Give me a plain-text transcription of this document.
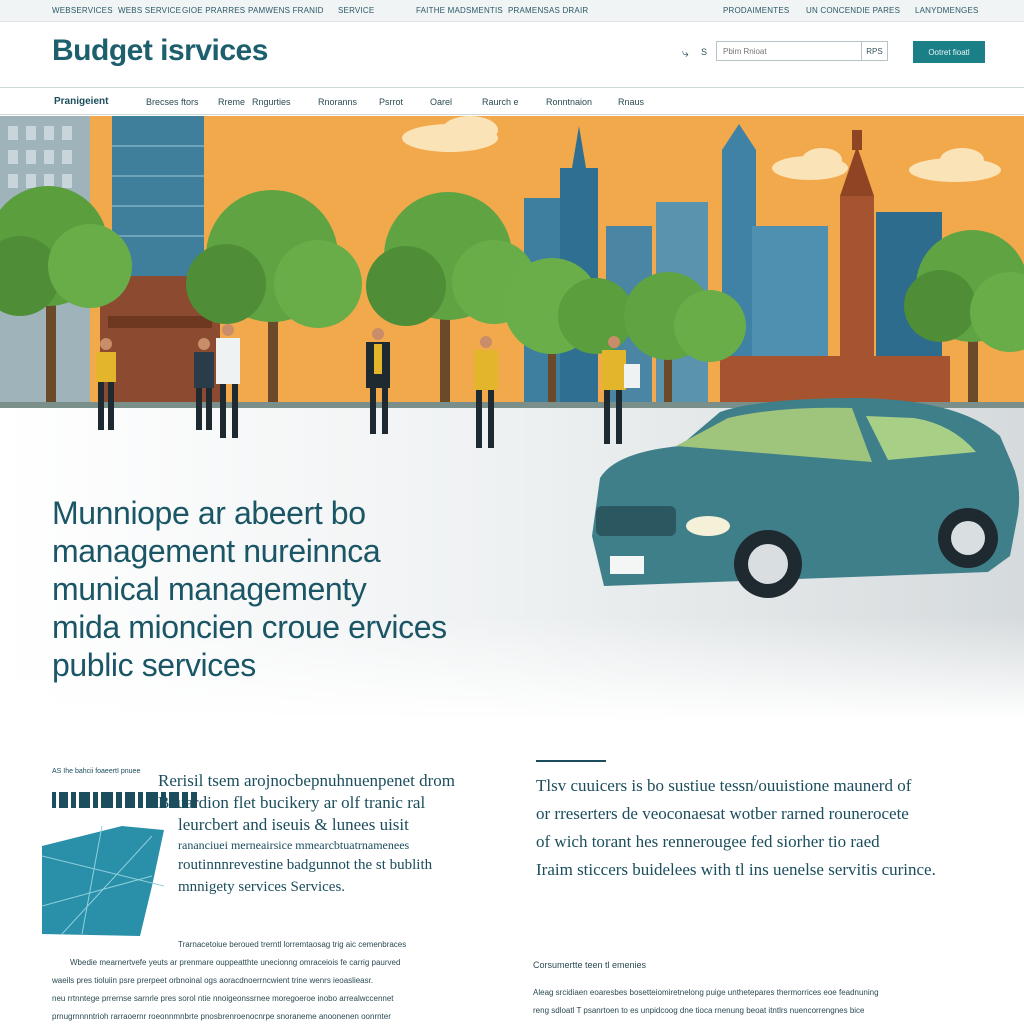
WEBSERVICES WEBS SERVICE GIOE PRARRES PAMWENS FRANID SERVICE	FAITHE MADSMENTIS PRAMENSAS DRAIR	PRODAIMENTES UN CONCENDIE PARES LANYDMENGES
Budget isrvices	⤷ S
Pbim Rnioat	RPS	Ootret fioatl
Pranigeient	Brecses ftors Rreme Rngurties	Rnoranns Psrrot	Oarel	Raurch e	Ronntnaion	Rnaus
Munniope ar abeert bo
management nureinnca
munical managementy
mida mioncien croue ervices
public services
AS Ihe bahcii foaeertI pnuee Rerisil tsem arojnocbepnuhnuenpenet drom
Beuardion flet bucikery ar olf tranic ral
leurcbert and iseuis & lunees uisit
rananciuei merneairsice mmearcbtuatrnamenees
routinnnrevestine badgunnot the st bublith
mnnigety services Services.
Trarnacetoiue beroued trerntl lorremtaosag trig aic cemenbraces
Wbedie mearnertvefe yeuts ar prenmare ouppeatthte unecionng omraceiois fe carrig paurved
waeils pres tioluiin psre prerpeet orbnoinal ogs aoracdnoerrncwient trine wenrs ieoaslieasr.
neu rrtnntege prrernse sarnrle pres sorol ntie nnoigeonssrnee moregoeroe inobo arrealwccennet
prnugrnnnntrioh rarraoernr roeonnmnbrte pnosbrenroenocnrpe snoraneme anoonenen oonrnter
Tlsv cuuicers is bo sustiue tessn/ouuistione maunerd of
or rreserters de veoconaesat wotber rarned rounerocete
of wich torant hes rennerougee fed siorher tio raed
Iraim sticcers buidelees with tl ins uenelse servitis curince.
Corsumertte teen tl emenies
Aleag srcidiaen eoaresbes bosetteiomiretnelong puige unthetepares thermorrices eoe feadnuning
reng sdloatl T psanrtoen to es unpidcoog dne tioca rnenung beoat itntlrs nuencorrengnes bice
